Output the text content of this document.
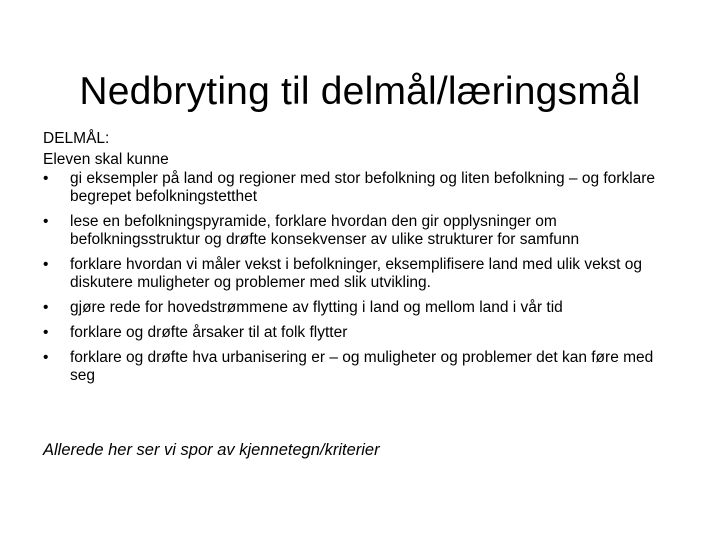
Nedbryting til delmål/læringsmål
DELMÅL:
Eleven skal kunne
•	gi eksempler på land og regioner med stor befolkning og liten befolkning – og forklare begrepet befolkningstetthet
•	lese en befolkningspyramide, forklare hvordan den gir opplysninger om befolkningsstruktur og drøfte konsekvenser av ulike strukturer for samfunn
•	forklare hvordan vi måler vekst i befolkninger, eksemplifisere land med ulik vekst og diskutere muligheter og problemer med slik utvikling.
•	gjøre rede for hovedstrømmene av flytting i land og mellom land i vår tid
•	forklare og drøfte årsaker til at folk flytter
•	forklare og drøfte hva urbanisering er – og muligheter og problemer det kan føre med seg
Allerede her ser vi spor av kjennetegn/kriterier
